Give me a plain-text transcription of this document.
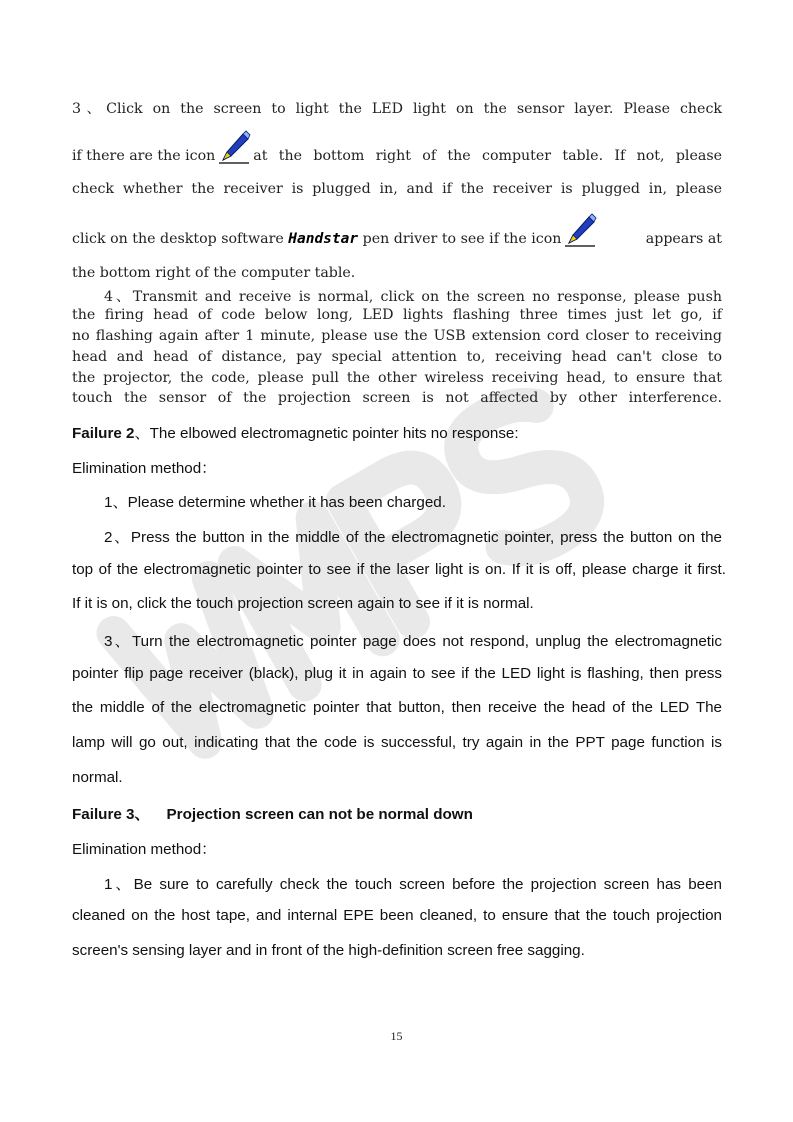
3、Click on the screen to light the LED light on the sensor layer. Please check
if there are the icon	at the bottom right of the computer table. If not, please
check whether the receiver is plugged in, and if the receiver is plugged in, please
click on the desktop software Handstar pen driver to see if the icon	appears at
the bottom right of the computer table.
4、Transmit and receive is normal, click on the screen no response, please push
the firing head of code below long, LED lights flashing three times just let go, if
no flashing again after 1 minute, please use the USB extension cord closer to receiving
head and head of distance, pay special attention to, receiving head can't close to
the projector, the code, please pull the other wireless receiving head, to ensure that
touch the sensor of the projection screen is not affected by other interference.
Failure 2、The elbowed electromagnetic pointer hits no response:
Elimination method：
1、Please determine whether it has been charged.
2、Press the button in the middle of the electromagnetic pointer, press the button on the
top of the electromagnetic pointer to see if the laser light is on. If it is off, please charge it first.
If it is on, click the touch projection screen again to see if it is normal.
3、Turn the electromagnetic pointer page does not respond, unplug the electromagnetic
pointer flip page receiver (black), plug it in again to see if the LED light is flashing, then press
the middle of the electromagnetic pointer that button, then receive the head of the LED The
lamp will go out, indicating that the code is successful, try again in the PPT page function is
normal.
Failure 3、    Projection screen can not be normal down
Elimination method：
1、Be sure to carefully check the touch screen before the projection screen has been
cleaned on the host tape, and internal EPE been cleaned, to ensure that the touch projection
screen's sensing layer and in front of the high-definition screen free sagging.
15
